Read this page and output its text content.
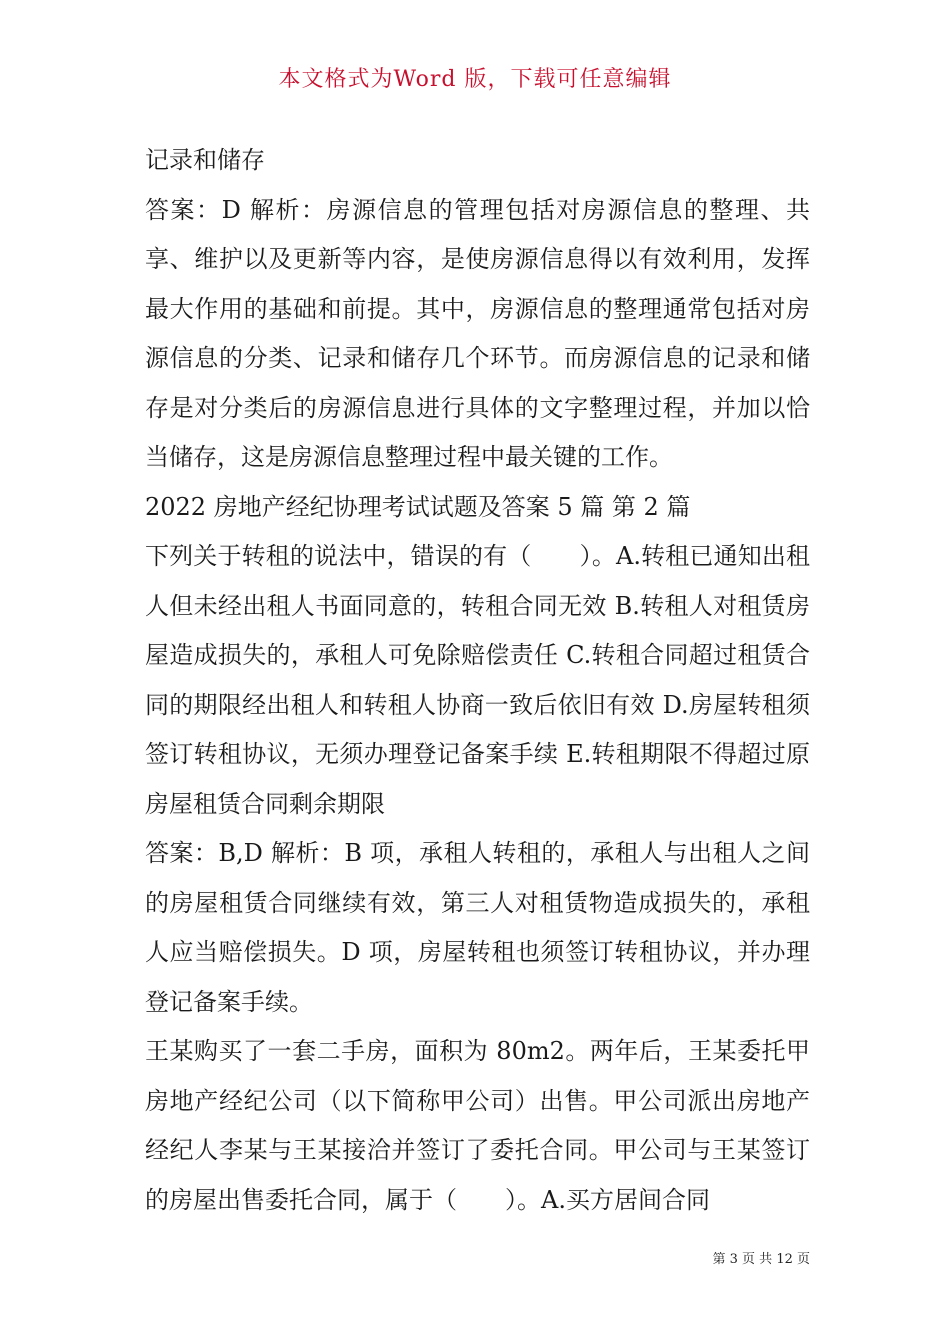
本文格式为Word 版，下载可任意编辑

记录和储存

答案：D 解析：房源信息的管理包括对房源信息的整理、共享、维护以及更新等内容，是使房源信息得以有效利用，发挥最大作用的基础和前提。其中，房源信息的整理通常包括对房源信息的分类、记录和储存几个环节。而房源信息的记录和储存是对分类后的房源信息进行具体的文字整理过程，并加以恰当储存，这是房源信息整理过程中最关键的工作。

2022 房地产经纪协理考试试题及答案 5 篇 第 2 篇

下列关于转租的说法中，错误的有（　　）。A.转租已通知出租人但未经出租人书面同意的，转租合同无效 B.转租人对租赁房屋造成损失的，承租人可免除赔偿责任 C.转租合同超过租赁合同的期限经出租人和转租人协商一致后依旧有效 D.房屋转租须签订转租协议，无须办理登记备案手续 E.转租期限不得超过原房屋租赁合同剩余期限

答案：B,D 解析：B 项，承租人转租的，承租人与出租人之间的房屋租赁合同继续有效，第三人对租赁物造成损失的，承租人应当赔偿损失。D 项，房屋转租也须签订转租协议，并办理登记备案手续。

王某购买了一套二手房，面积为 80m2。两年后，王某委托甲房地产经纪公司（以下简称甲公司）出售。甲公司派出房地产经纪人李某与王某接洽并签订了委托合同。甲公司与王某签订的房屋出售委托合同，属于（　　）。A.买方居间合同

第 3 页 共 12 页
